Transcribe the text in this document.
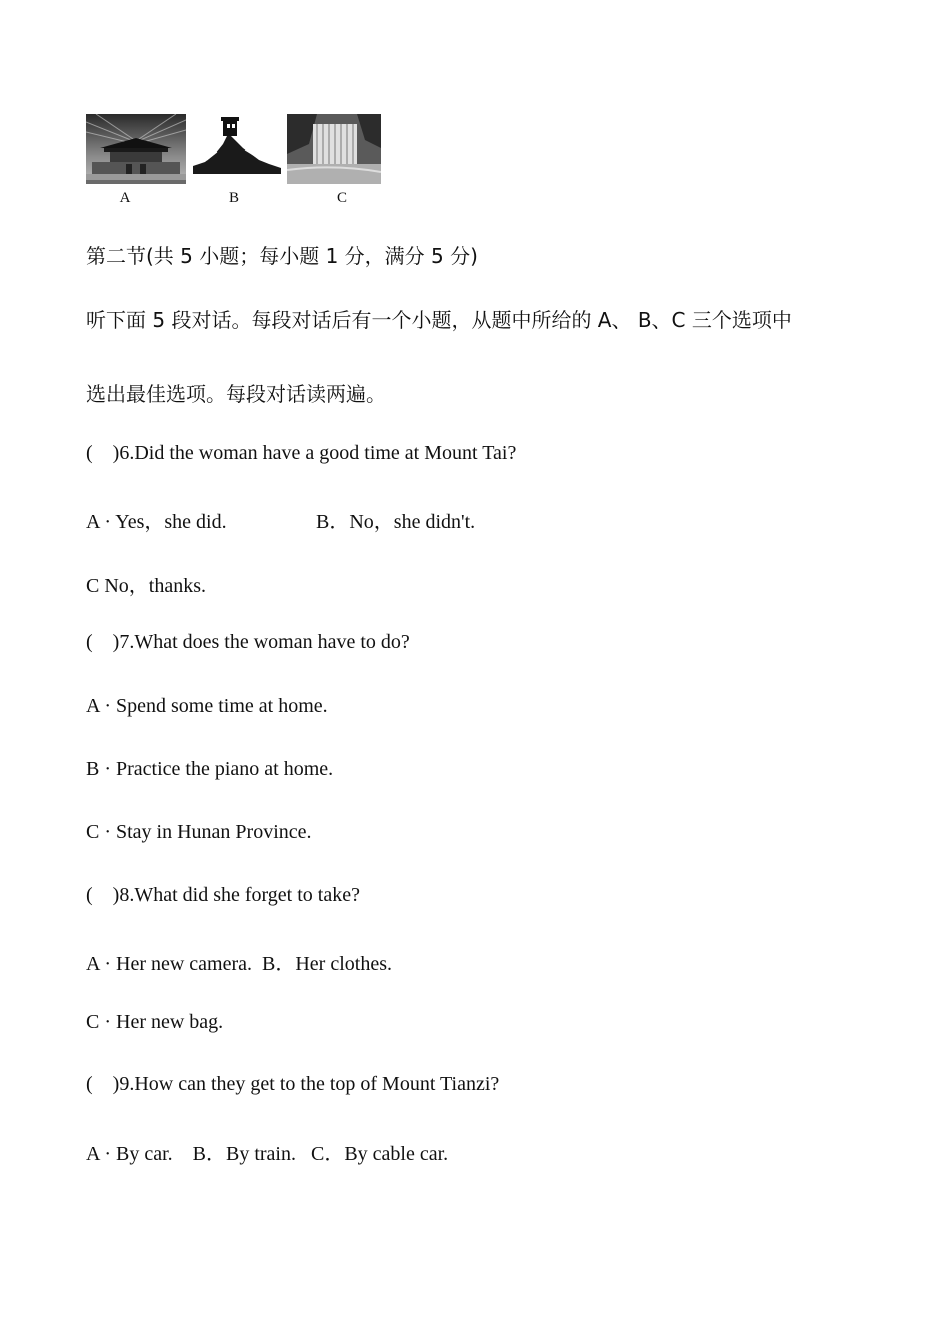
A	B	C
第二节(共 5 小题；每小题 1 分，满分 5 分)
听下面 5 段对话。每段对话后有一个小题，从题中所给的 A、 B、C 三个选项中
选出最佳选项。每段对话读两遍。
(    )6.Did the woman have a good time at Mount Tai?
A · Yes，she did.	B．No，she didn't.
C No，thanks.
(    )7.What does the woman have to do?
A · Spend some time at home.
B · Practice the piano at home.
C · Stay in Hunan Province.
(    )8.What did she forget to take?
A · Her new camera.  B．Her clothes.
C · Her new bag.
(    )9.How can they get to the top of Mount Tianzi?
A · By car.    B．By train.   C．By cable car.
